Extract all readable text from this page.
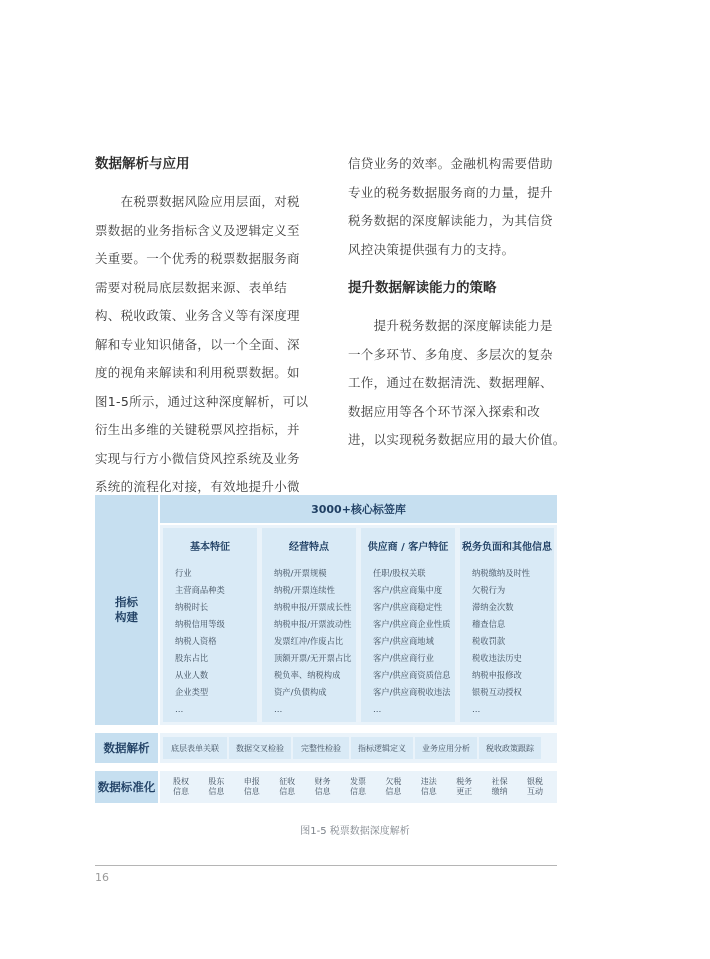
数据解析与应用
　　在税票数据风险应用层面，对税
票数据的业务指标含义及逻辑定义至
关重要。一个优秀的税票数据服务商
需要对税局底层数据来源、表单结
构、税收政策、业务含义等有深度理
解和专业知识储备，以一个全面、深
度的视角来解读和利用税票数据。如
图1-5所示，通过这种深度解析，可以
衍生出多维的关键税票风控指标，并
实现与行方小微信贷风控系统及业务
系统的流程化对接，有效地提升小微
信贷业务的效率。金融机构需要借助
专业的税务数据服务商的力量，提升
税务数据的深度解读能力，为其信贷
风控决策提供强有力的支持。
提升数据解读能力的策略
　　提升税务数据的深度解读能力是
一个多环节、多角度、多层次的复杂
工作，通过在数据清洗、数据理解、
数据应用等各个环节深入探索和改
进，以实现税务数据应用的最大价值。
指标
构建
3000+核心标签库
基本特征
行业
主营商品种类
纳税时长
纳税信用等级
纳税人资格
股东占比
从业人数
企业类型
…
经营特点
纳税/开票规模
纳税/开票连续性
纳税申报/开票成长性
纳税申报/开票波动性
发票红冲/作废占比
顶额开票/无开票占比
税负率、纳税构成
资产/负债构成
…
供应商 / 客户特征
任职/股权关联
客户/供应商集中度
客户/供应商稳定性
客户/供应商企业性质
客户/供应商地域
客户/供应商行业
客户/供应商资质信息
客户/供应商税收违法
…
税务负面和其他信息
纳税缴纳及时性
欠税行为
滞纳金次数
稽查信息
税收罚款
税收违法历史
纳税申报修改
银税互动授权
…
数据解析	底层表单关联	数据交叉检验	完整性检验	指标逻辑定义	业务应用分析	税收政策跟踪
数据标准化	股权
信息
股东
信息
申报
信息
征收
信息
财务
信息
发票
信息
欠税
信息
违法
信息
税务
更正
社保
缴纳
银税
互动
图1-5 税票数据深度解析
16
